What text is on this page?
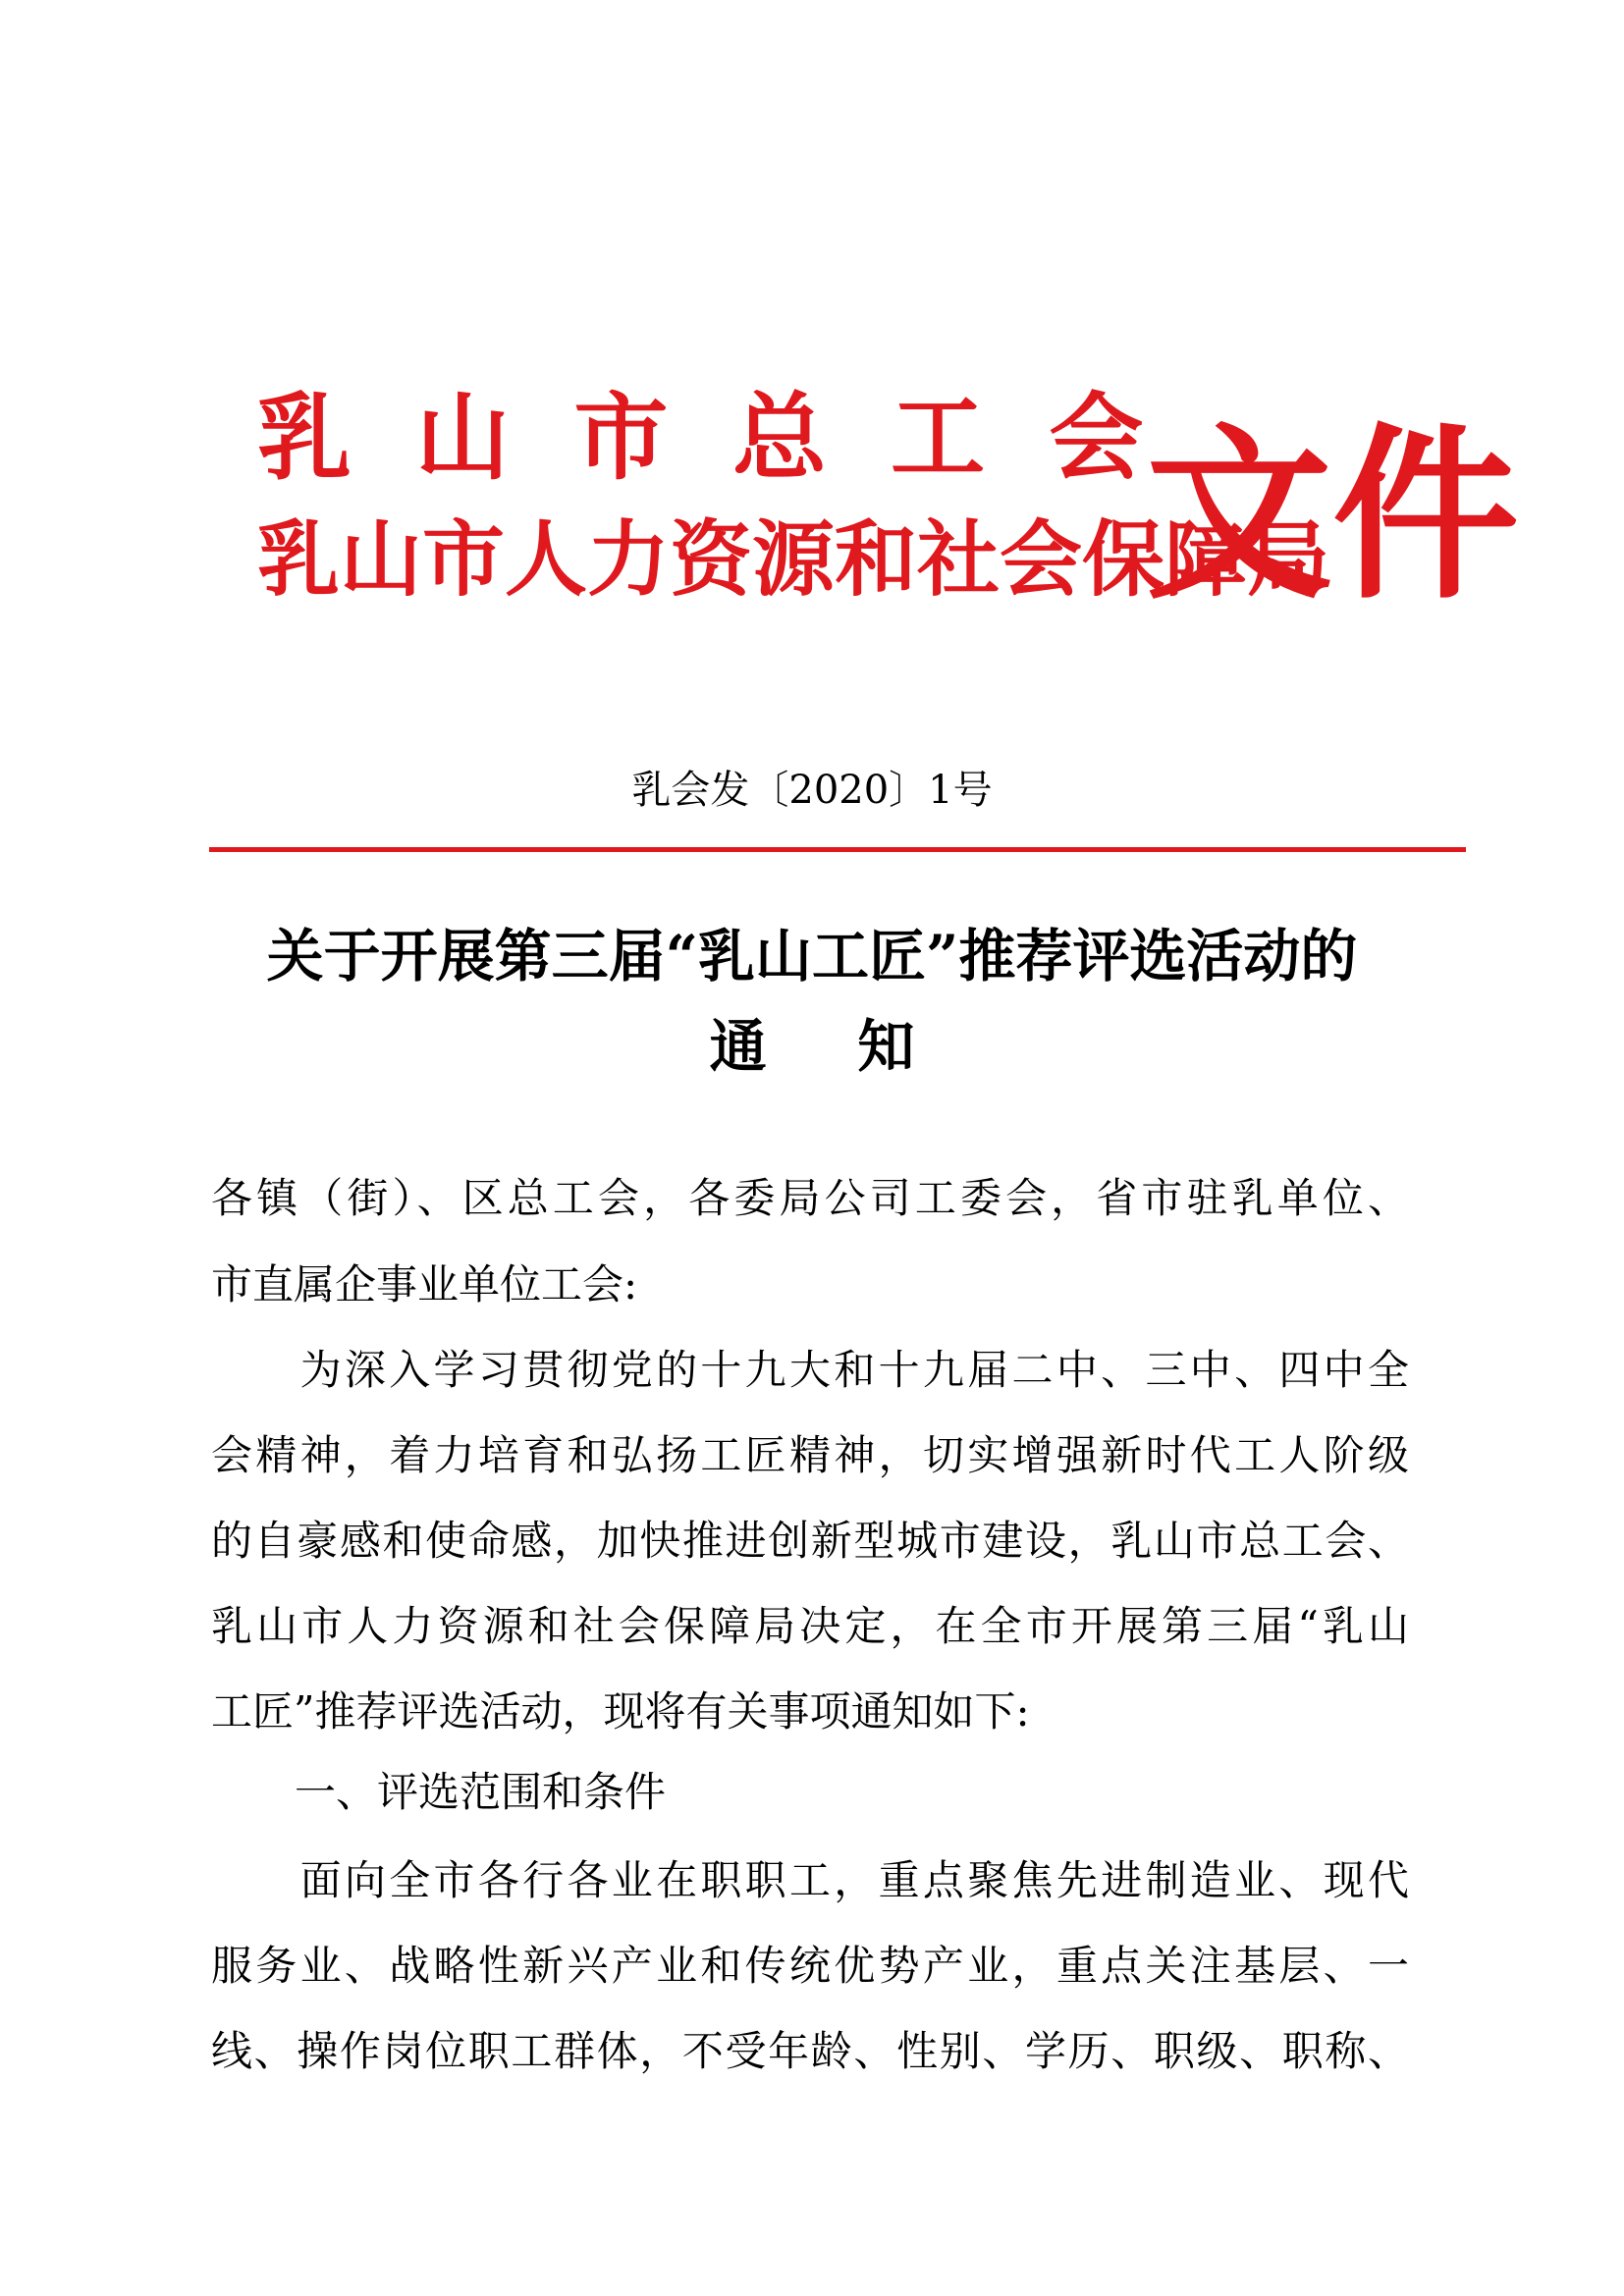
乳山市总工会
乳山市人力资源和社会保障局
文件
乳会发〔2020〕1号
关于开展第三届“乳山工匠”推荐评选活动的
通知
各镇（街）、区总工会，各委局公司工委会，省市驻乳单位、
市直属企事业单位工会:
　　为深入学习贯彻党的十九大和十九届二中、三中、四中全
会精神，着力培育和弘扬工匠精神，切实增强新时代工人阶级
的自豪感和使命感，加快推进创新型城市建设，乳山市总工会、
乳山市人力资源和社会保障局决定，在全市开展第三届“乳山
工匠”推荐评选活动，现将有关事项通知如下:
一、评选范围和条件
　　面向全市各行各业在职职工，重点聚焦先进制造业、现代
服务业、战略性新兴产业和传统优势产业，重点关注基层、一
线、操作岗位职工群体，不受年龄、性别、学历、职级、职称、
